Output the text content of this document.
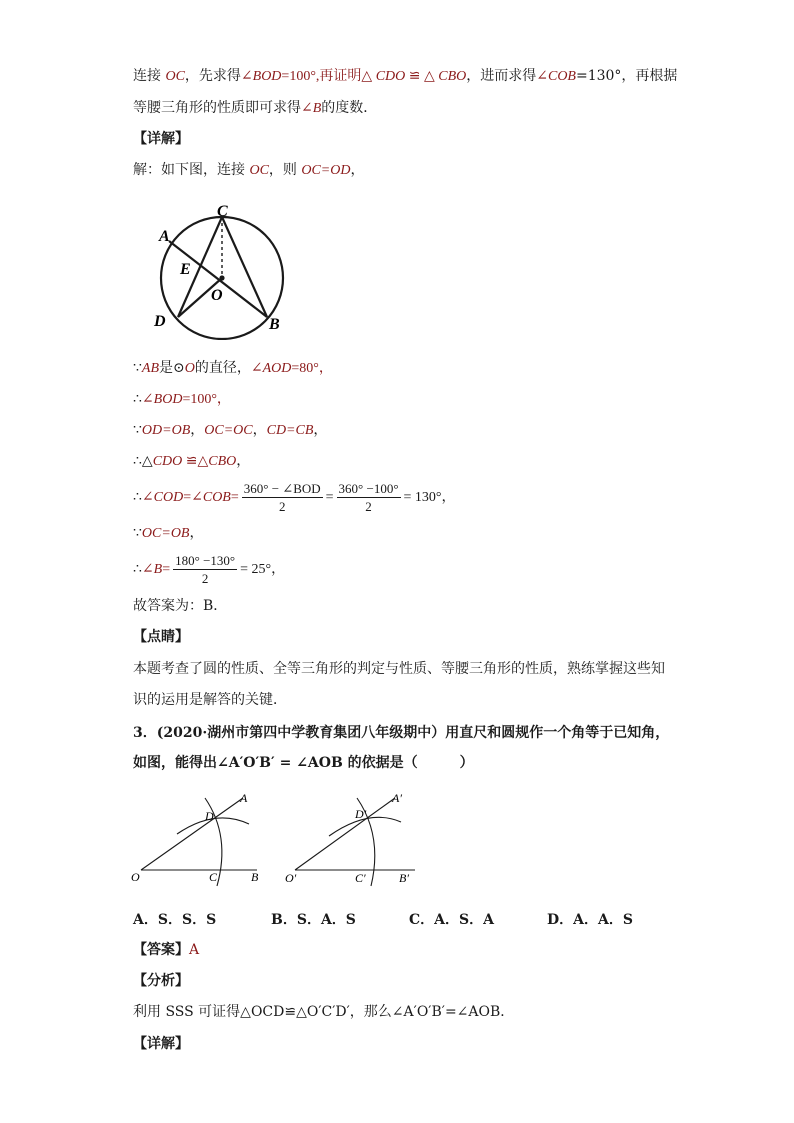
连接 OC，先求得∠BOD=100°,再证明△ CDO ≌ △ CBO，进而求得∠COB=130°，再根据
等腰三角形的性质即可求得∠B的度数．
【详解】
解：如下图，连接 OC，则 OC=OD，
C
A
E
O
D	B
∵AB是⊙O的直径，∠AOD=80°，
∴∠BOD=100°，
∵OD=OB，OC=OC，CD=CB，
∴△CDO ≌△CBO，
∴∠COD=∠COB= $\frac{\text{360° − ∠BOD}}{2} = \frac{360^\circ -100^\circ}{2} = 130^\circ$，
∵OC=OB，
∴∠B= $\frac{180^\circ -130^\circ}{2} = 25^\circ$，
故答案为：B．
【点睛】
本题考查了圆的性质、全等三角形的判定与性质、等腰三角形的性质，熟练掌握这些知
识的运用是解答的关键．
3．(2020·湖州市第四中学教育集团八年级期中）用直尺和圆规作一个角等于已知角，
如图，能得出∠A′O′B′ = ∠AOB 的依据是（　　　）
A
D
O	C	B
A′
D′
O′	C′	B′
A．S．S．S	B．S．A．S	C．A．S．A	D．A．A．S
【答案】A
【分析】
利用 SSS 可证得△OCD≌△O′C′D′，那么∠A′O′B′=∠AOB．
【详解】
